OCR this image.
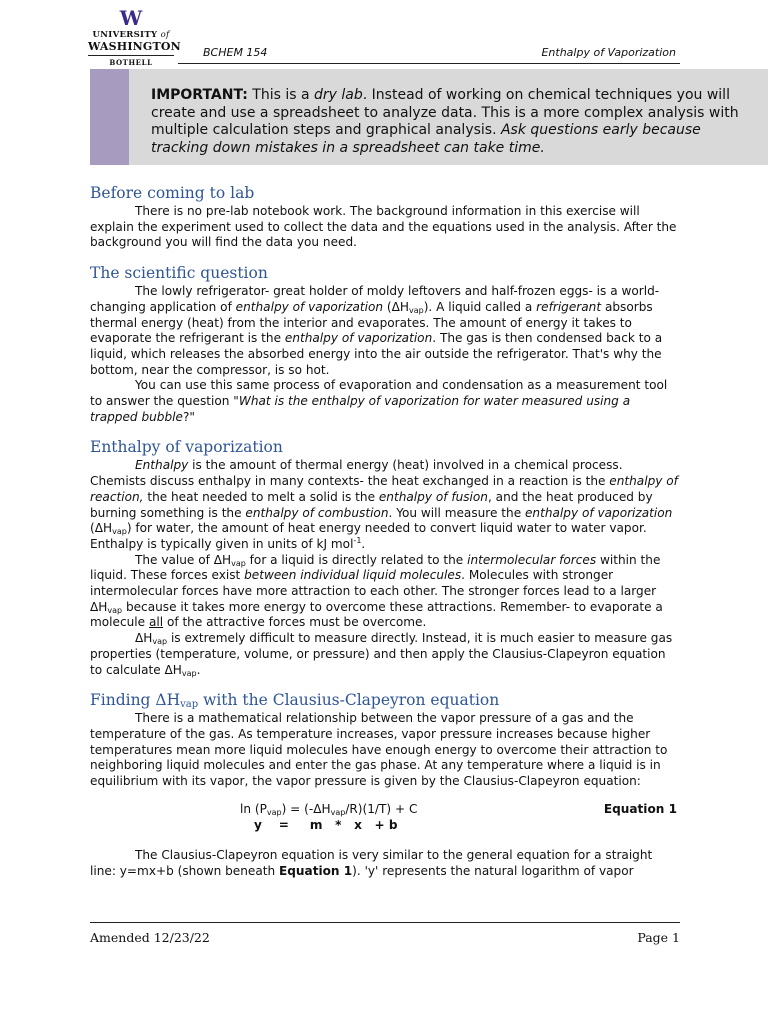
W
UNIVERSITY of
WASHINGTON
BOTHELL
BCHEM 154	Enthalpy of Vaporization
IMPORTANT: This is a dry lab. Instead of working on chemical techniques you will create and use a spreadsheet to analyze data. This is a more complex analysis with multiple calculation steps and graphical analysis. Ask questions early because tracking down mistakes in a spreadsheet can take time.
Before coming to lab

There is no pre-lab notebook work. The background information in this exercise will explain the experiment used to collect the data and the equations used in the analysis. After the background you will find the data you need.

The scientific question

The lowly refrigerator- great holder of moldy leftovers and half-frozen eggs- is a world-changing application of enthalpy of vaporization $(\Delta H_{vap})$. A liquid called a refrigerant absorbs thermal energy (heat) from the interior and evaporates. The amount of energy it takes to evaporate the refrigerant is the enthalpy of vaporization. The gas is then condensed back to a liquid, which releases the absorbed energy into the air outside the refrigerator. That's why the bottom, near the compressor, is so hot.

You can use this same process of evaporation and condensation as a measurement tool to answer the question "What is the enthalpy of vaporization for water measured using a trapped bubble?"

Enthalpy of vaporization

Enthalpy is the amount of thermal energy (heat) involved in a chemical process. Chemists discuss enthalpy in many contexts- the heat exchanged in a reaction is the enthalpy of reaction, the heat needed to melt a solid is the enthalpy of fusion, and the heat produced by burning something is the enthalpy of combustion. You will measure the enthalpy of vaporization $(\Delta H_{vap})$ for water, the amount of heat energy needed to convert liquid water to water vapor. Enthalpy is typically given in units of kJ mol$^{-1}$.

The value of $\Delta H_{vap}$ for a liquid is directly related to the intermolecular forces within the liquid. These forces exist between individual liquid molecules. Molecules with stronger intermolecular forces have more attraction to each other. The stronger forces lead to a larger $\Delta H_{vap}$ because it takes more energy to overcome these attractions. Remember- to evaporate a molecule all of the attractive forces must be overcome.

$\Delta H_{vap}$ is extremely difficult to measure directly. Instead, it is much easier to measure gas properties (temperature, volume, or pressure) and then apply the Clausius-Clapeyron equation to calculate $\Delta H_{vap}$.

Finding $\Delta H_{vap}$ with the Clausius-Clapeyron equation

There is a mathematical relationship between the vapor pressure of a gas and the temperature of the gas. As temperature increases, vapor pressure increases because higher temperatures mean more liquid molecules have enough energy to overcome their attraction to neighboring liquid molecules and enter the gas phase. At any temperature where a liquid is in equilibrium with its vapor, the vapor pressure is given by the Clausius-Clapeyron equation:

$\ln (P_{vap}) = (-\Delta H_{vap}/R)(1/T) + C$
y    =     m   *   x   + b
Equation 1

The Clausius-Clapeyron equation is very similar to the general equation for a straight line: y=mx+b (shown beneath Equation 1). 'y' represents the natural logarithm of vapor

Amended 12/23/22	Page 1
